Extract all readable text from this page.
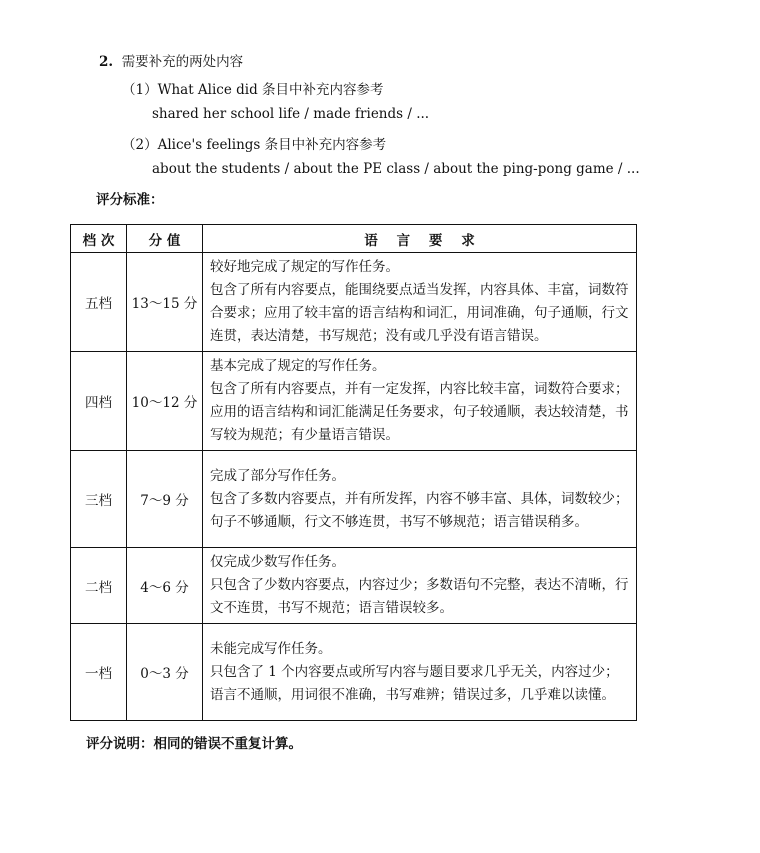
2. 需要补充的两处内容
（1）What Alice did 条目中补充内容参考
shared her school life / made friends / ...
（2）Alice's feelings 条目中补充内容参考
about the students / about the PE class / about the ping-pong game / ...
评分标准：
档 次	分 值	语    言    要    求
五档	13～15 分	较好地完成了规定的写作任务。
包含了所有内容要点，能围绕要点适当发挥，内容具体、丰富，词数符合要求；应用了较丰富的语言结构和词汇，用词准确，句子通顺，行文连贯，表达清楚，书写规范；没有或几乎没有语言错误。

四档	10～12 分	基本完成了规定的写作任务。
包含了所有内容要点，并有一定发挥，内容比较丰富，词数符合要求；应用的语言结构和词汇能满足任务要求，句子较通顺，表达较清楚，书写较为规范；有少量语言错误。

三档	7～9 分	完成了部分写作任务。
包含了多数内容要点，并有所发挥，内容不够丰富、具体，词数较少；句子不够通顺，行文不够连贯，书写不够规范；语言错误稍多。

二档	4～6 分	仅完成少数写作任务。
只包含了少数内容要点，内容过少；多数语句不完整，表达不清晰，行文不连贯，书写不规范；语言错误较多。

一档	0～3 分	未能完成写作任务。
只包含了 1 个内容要点或所写内容与题目要求几乎无关，内容过少；语言不通顺，用词很不准确，书写难辨；错误过多，几乎难以读懂。
评分说明：相同的错误不重复计算。
